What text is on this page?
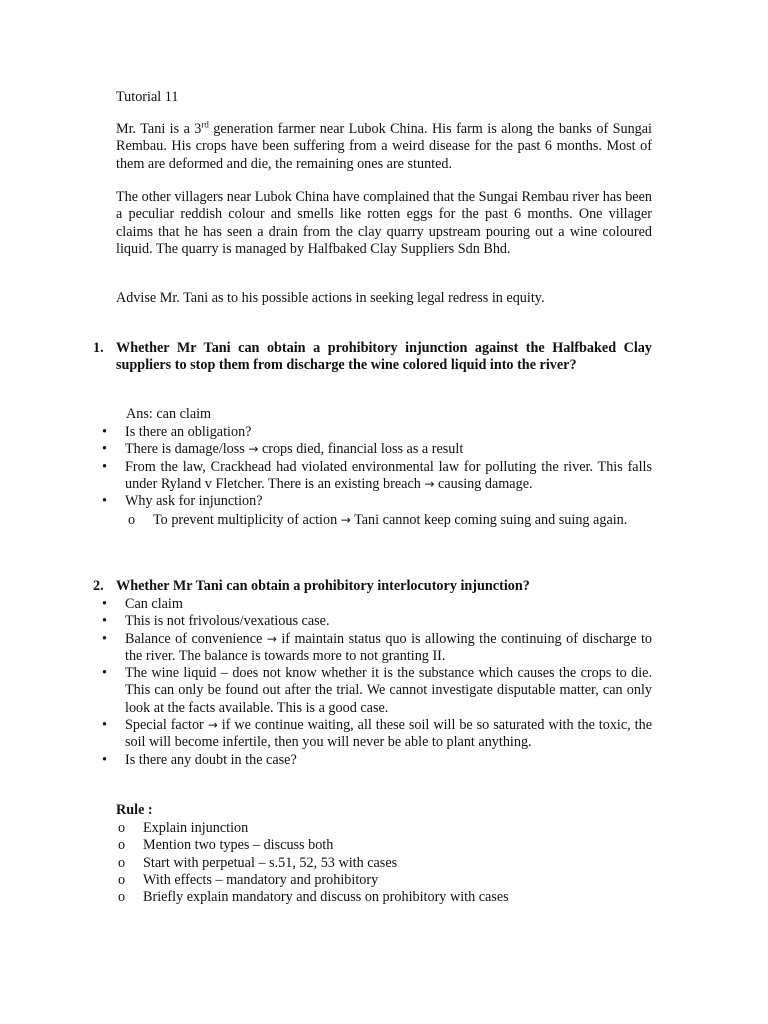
Tutorial 11
Mr. Tani is a 3rd generation farmer near Lubok China. His farm is along the banks of Sungai Rembau. His crops have been suffering from a weird disease for the past 6 months. Most of them are deformed and die, the remaining ones are stunted.
The other villagers near Lubok China have complained that the Sungai Rembau river has been a peculiar reddish colour and smells like rotten eggs for the past 6 months. One villager claims that he has seen a drain from the clay quarry upstream pouring out a wine coloured liquid. The quarry is managed by Halfbaked Clay Suppliers Sdn Bhd.
Advise Mr. Tani as to his possible actions in seeking legal redress in equity.
1. Whether Mr Tani can obtain a prohibitory injunction against the Halfbaked Clay suppliers to stop them from discharge the wine colored liquid into the river?
Ans: can claim
• Is there an obligation?
• There is damage/loss → crops died, financial loss as a result
• From the law, Crackhead had violated environmental law for polluting the river. This falls under Ryland v Fletcher. There is an existing breach → causing damage.
• Why ask for injunction?
o To prevent multiplicity of action → Tani cannot keep coming suing and suing again.
2. Whether Mr Tani can obtain a prohibitory interlocutory injunction?
• Can claim
• This is not frivolous/vexatious case.
• Balance of convenience → if maintain status quo is allowing the continuing of discharge to the river. The balance is towards more to not granting II.
• The wine liquid – does not know whether it is the substance which causes the crops to die. This can only be found out after the trial. We cannot investigate disputable matter, can only look at the facts available. This is a good case.
• Special factor → if we continue waiting, all these soil will be so saturated with the toxic, the soil will become infertile, then you will never be able to plant anything.
• Is there any doubt in the case?
Rule :
o Explain injunction
o Mention two types – discuss both
o Start with perpetual – s.51, 52, 53 with cases
o With effects – mandatory and prohibitory
o Briefly explain mandatory and discuss on prohibitory with cases
